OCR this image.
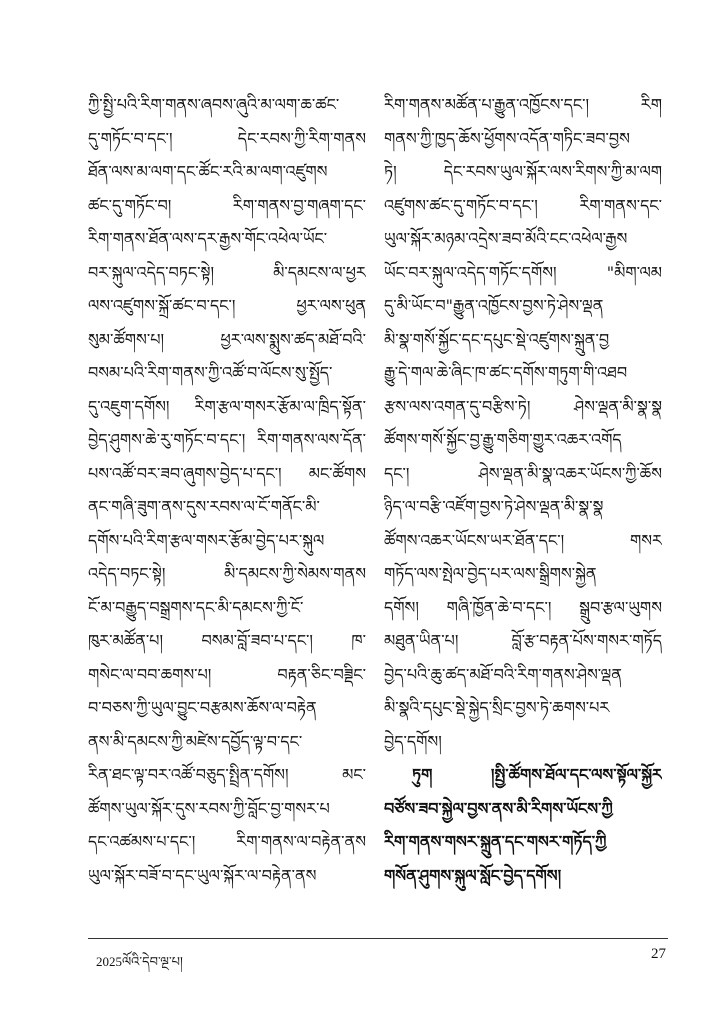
ཀྱི་སྤྱི་པའི་རིག་གནས་ཞབས་ཞུའི་མ་ལག་ཆ་ཚང་
དུ་གཏོང་བ་དང་། དེང་རབས་ཀྱི་རིག་གནས
ཐོན་ལས་མ་ལག་དང་ཚོང་རའི་མ་ལག་འཛུགས
ཚང་དུ་གཏོང་བ། རིག་གནས་བྱ་གཞག་དང་
རིག་གནས་ཐོན་ལས་དར་རྒྱས་གོང་འཕེལ་ཡོང་
བར་སྐུལ་འདེད་བཏང་སྟེ། མི་དམངས་ལ་ཕྱར
ལས་འཛུགས་སྐྲོ་ཚང་བ་དང་། ཕྱར་ལས་ཕུན
སུམ་ཚོགས་པ། ཕྱར་ལས་སྨུས་ཚད་མཐོ་བའི་
བསམ་པའི་རིག་གནས་ཀྱི་འཚོ་བ་ལོངས་སུ་སྤྱོད་
དུ་འཇུག་དགོས། རིག་རྩལ་གསར་རྩོམ་ལ་ཁྲིད་སྟོན་
བྱེད་ཤུགས་ཆེ་རུ་གཏོང་བ་དང་། རིག་གནས་ལས་དོན་
པས་འཚོ་བར་ཟབ་ཞུགས་བྱེད་པ་དང་། མང་ཚོགས
ནང་གཞི་ཟུག་ནས་དུས་རབས་ལ་ངོ་གནོང་མི་
དགོས་པའི་རིག་རྩལ་གསར་རྩོམ་བྱེད་པར་སྐུལ
འདེད་བཏང་སྟེ། མི་དམངས་ཀྱི་སེམས་གནས
ངོ་མ་བརྒྱུད་བསྒྲགས་དང་མི་དམངས་ཀྱི་ངོ་
ཁུར་མཚོན་པ། བསམ་བློ་ཟབ་པ་དང་། ཁ་
གསེང་ལ་བབ་ཆགས་པ། བརྟན་ཅིང་བཟྡིང་
བ་བཅས་ཀྱི་ཡུལ་བྱུང་བརྩམས་ཆོས་ལ་བརྟེན
ནས་མི་དམངས་ཀྱི་མཛེས་དབྱོད་ལྟ་བ་དང་
རིན་ཐང་ལྟ་བར་འཚོ་བཅུད་སྤྲིན་དགོས། མང་
ཚོགས་ཡུལ་སྐོར་དུས་རབས་ཀྱི་བློང་བྱ་གསར་པ
དང་འཚམས་པ་དང་། རིག་གནས་ལ་བརྟེན་ནས
ཡུལ་སྐོར་བཟོ་བ་དང་ཡུལ་སྐོར་ལ་བརྟེན་ནས
རིག་གནས་མཚོན་པ་རྒྱུན་འཁྱོངས་དང་། རིག
གནས་ཀྱི་ཁྱད་ཆོས་ཕྱོགས་འདོན་གཏིང་ཟབ་བྱས
ཏེ། དེང་རབས་ཡུལ་སྐོར་ལས་རིགས་ཀྱི་མ་ལག
འཛུགས་ཚང་དུ་གཏོང་བ་དང་། རིག་གནས་དང་
ཡུལ་སྐོར་མཉམ་འདྲེས་ཟབ་མོའི་ངང་འཕེལ་རྒྱས
ཡོང་བར་སྐུལ་འདེད་གཏོང་དགོས། "མིག་ལམ
དུ་མི་ཡོང་བ"རྒྱུན་འཁྱོངས་བྱས་ཏེ་ཤེས་ལྡན
མི་སྣ་གསོ་སྐྱོང་དང་དཔུང་སྡེ་འཛུགས་སྐྲུན་བྱ
རྒྱུ་དེ་གལ་ཆེ་ཞིང་ཁ་ཚང་དགོས་གཏུག་གི་འཐབ
རྩས་ལས་འགན་དུ་བརྩིས་ཏེ། ཤེས་ལྡན་མི་སྣ་སྣ
ཚོགས་གསོ་སྐྱོང་བྱ་རྒྱུ་གཅིག་གྱུར་འཆར་འགོད
དང་། ཤེས་ལྡན་མི་སྣ་འཆར་ཡོངས་ཀྱི་ཆོས
ཉིད་ལ་བརྩི་འཛོག་བྱས་ཏེ་ཤེས་ལྡན་མི་སྣ་སྣ
ཚོགས་འཆར་ཡོངས་ཡར་ཐོན་དང་། གསར
གཏོད་ལས་སྤེལ་བྱེད་པར་ལས་སྒྲིགས་སྐྱེན
དགོས། གཞི་ཁྱོན་ཆེ་བ་དང་། སྒྲུབ་རྩལ་ཡུགས
མཐུན་ཡིན་པ། བློ་རྩ་བརྟན་པོས་གསར་གཏོད
བྱེད་པའི་ཆུ་ཚད་མཐོ་བའི་རིག་གནས་ཤེས་ལྡན
མི་སྣའི་དཔུང་སྡེ་སྐྱེད་སྲིང་བྱས་ཏེ་ཆགས་པར
བྱེད་དགོས།
ཏུག	།སྤྱི་ཚོགས་ཐོལ་དང་ལས་སྟོལ་སྐྱོར
བཙོས་ཟབ་སྐྱེལ་བྱས་ནས་མི་རིགས་ཡོངས་ཀྱི
རིག་གནས་གསར་སྐྲུན་དང་གསར་གཏོད་ཀྱི
གསོན་ཤུགས་སྐུལ་སློང་བྱེད་དགོས།
2025ལོའི་དེབ་ལྔ་པ།	27
